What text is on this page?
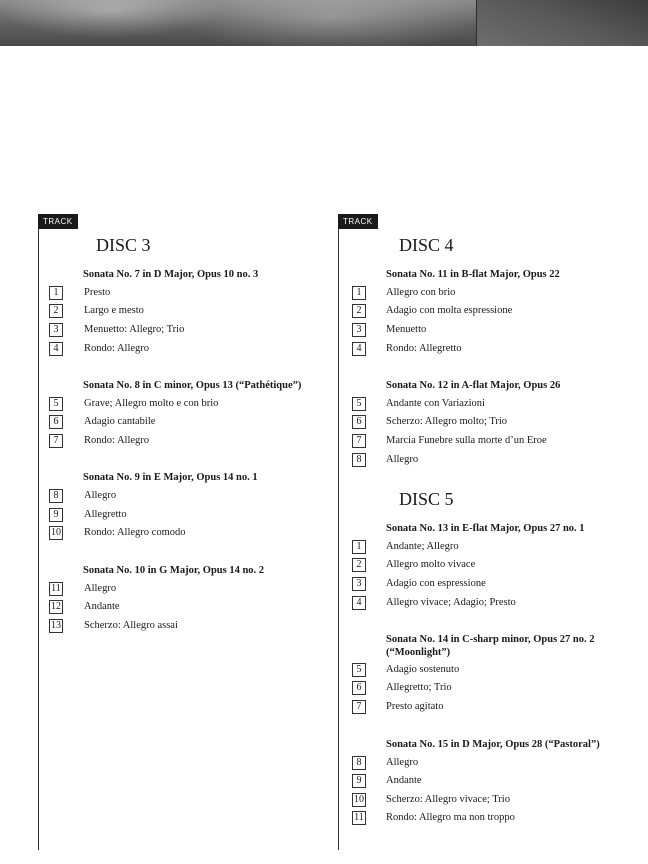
TRACK
DISC 3
Sonata No. 7 in D Major, Opus 10 no. 3
1	Presto
2	Largo e mesto
3	Menuetto: Allegro; Trio
4	Rondo: Allegro
Sonata No. 8 in C minor, Opus 13 (“Pathétique”)
5	Grave; Allegro molto e con brio
6	Adagio cantabile
7	Rondo: Allegro
Sonata No. 9 in E Major, Opus 14 no. 1
8	Allegro
9	Allegretto
10 Rondo: Allegro comodo
Sonata No. 10 in G Major, Opus 14 no. 2
11 Allegro
12 Andante
13 Scherzo: Allegro assai
TRACK
DISC 4
Sonata No. 11 in B-flat Major, Opus 22
1	Allegro con brio
2	Adagio con molta espressione
3	Menuetto
4	Rondo: Allegretto
Sonata No. 12 in A-flat Major, Opus 26
5	Andante con Variazioni
6	Scherzo: Allegro molto; Trio
7	Marcia Funebre sulla morte d’un Eroe
8	Allegro
DISC 5
Sonata No. 13 in E-flat Major, Opus 27 no. 1
1	Andante; Allegro
2	Allegro molto vivace
3	Adagio con espressione
4	Allegro vivace; Adagio; Presto
Sonata No. 14 in C-sharp minor, Opus 27 no. 2
(“Moonlight”)
5	Adagio sostenuto
6	Allegretto; Trio
7	Presto agitato
Sonata No. 15 in D Major, Opus 28 (“Pastoral”)
8	Allegro
9	Andante
10 Scherzo: Allegro vivace; Trio
11 Rondo: Allegro ma non troppo
